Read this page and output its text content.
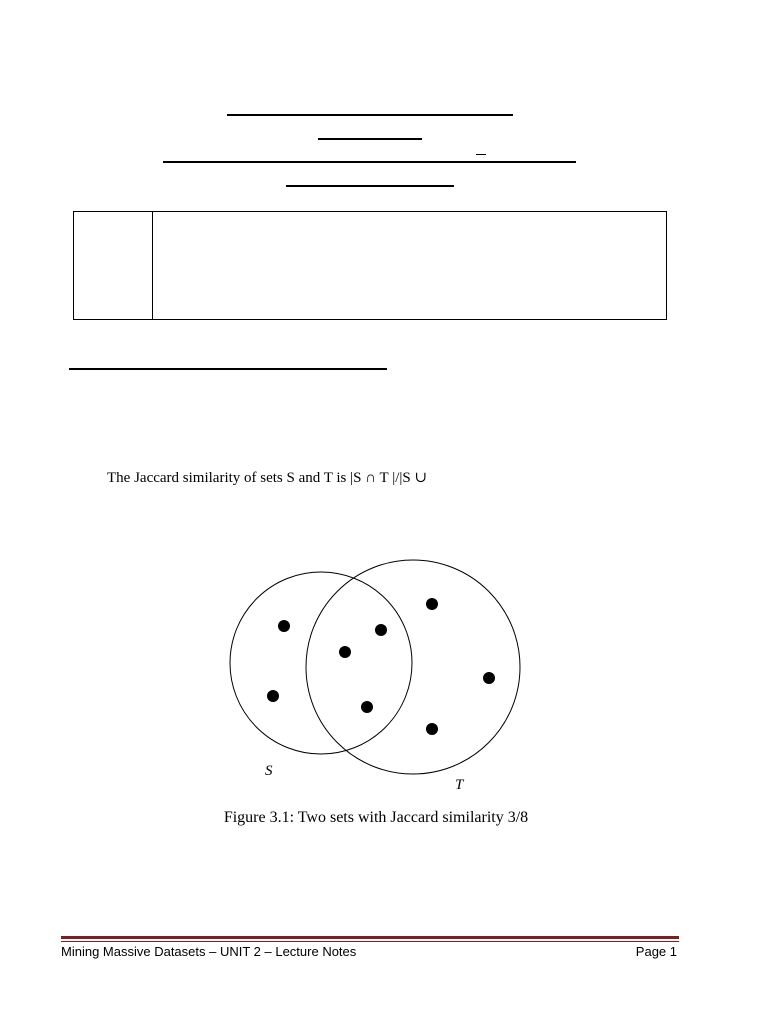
The Jaccard similarity of sets S and T is |S ∩ T |/|S ∪
S
T
Figure 3.1: Two sets with Jaccard similarity 3/8
Mining Massive Datasets – UNIT 2 – Lecture Notes	Page 1
